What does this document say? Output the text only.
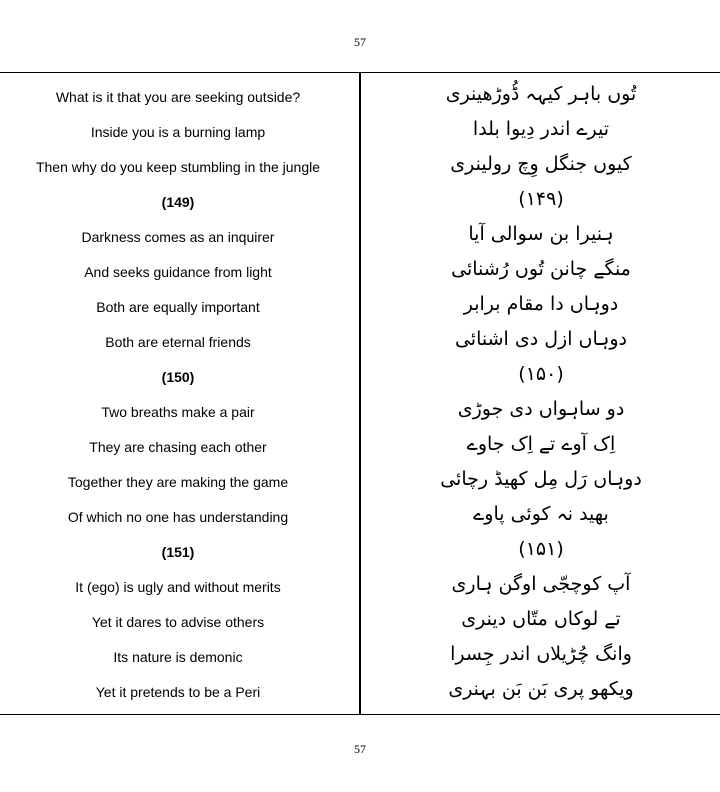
57
What is it that you are seeking outside?	تُوں باہر کیہہ ڈُوڑھینری
Inside you is a burning lamp	تیرے اندر دِیوا بلدا
Then why do you keep stumbling in the jungle	کیوں جنگل وِچ رولینری
(149)	(۱۴۹)
Darkness comes as an inquirer	ہنیرا بن سوالی آیا
And seeks guidance from light	منگے چانن تُوں رُشنائی
Both are equally important	دوہاں دا مقام برابر
Both are eternal friends	دوہاں ازل دی اشنائی
(150)	(۱۵۰)
Two breaths make a pair	دو ساہواں دی جوڑی
They are chasing each other	اِک آوے تے اِک جاوے
Together they are making the game	دوہاں رَل مِل کھیڈ رچائی
Of which no one has understanding	بھید نہ کوئی پاوے
(151)	(۱۵۱)
It (ego) is ugly and without merits	آپ کوچجّی اوگن ہاری
Yet it dares to advise others	تے لوکاں متّاں دینری
Its nature is demonic	وانگ چُڑیلاں اندر جِسرا
Yet it pretends to be a Peri	ویکھو پری بَن بَن بہنری
57
